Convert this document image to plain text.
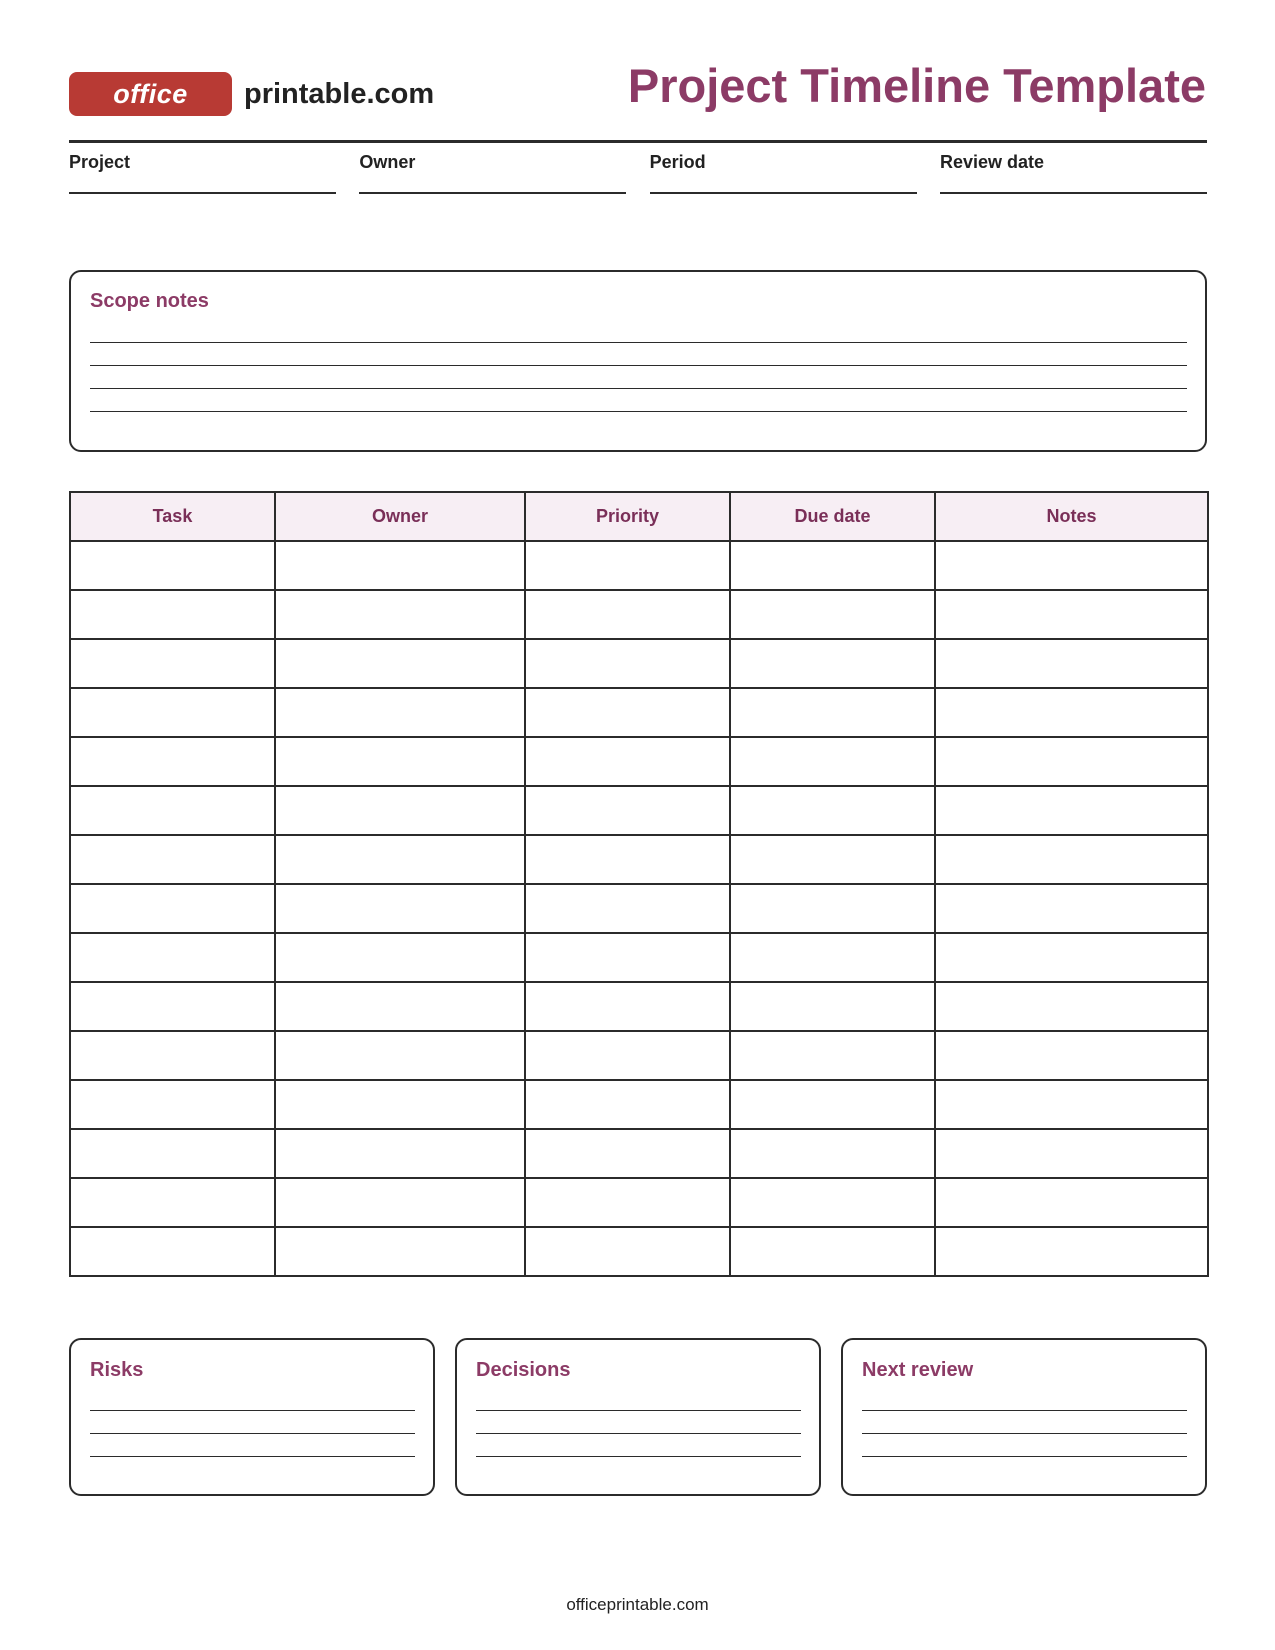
office	printable.com	Project Timeline Template
Project	Owner	Period	Review date
Scope notes
Task	Owner	Priority	Due date	Notes

Risks	Decisions	Next review
officeprintable.com
